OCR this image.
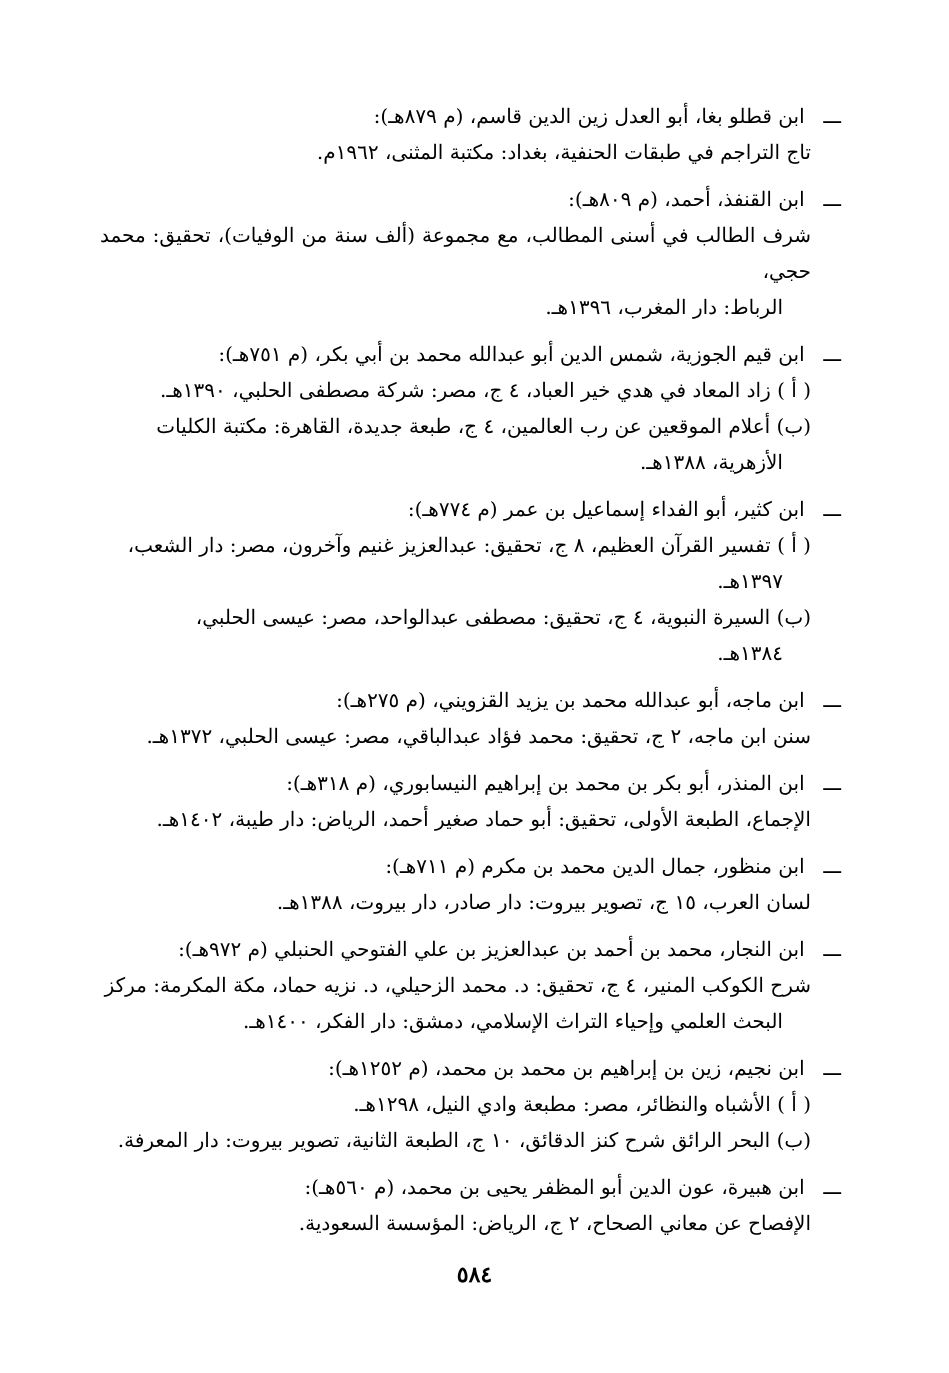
ـــ ابن قطلو بغا، أبو العدل زين الدين قاسم، (م ٨٧٩هـ):
تاج التراجم في طبقات الحنفية، بغداد: مكتبة المثنى، ١٩٦٢م.
ـــ ابن القنفذ، أحمد، (م ٨٠٩هـ):
شرف الطالب في أسنى المطالب، مع مجموعة (ألف سنة من الوفيات)، تحقيق: محمد حجي،
الرباط: دار المغرب، ١٣٩٦هـ.
ـــ ابن قيم الجوزية، شمس الدين أبو عبدالله محمد بن أبي بكر، (م ٧٥١هـ):
( أ ) زاد المعاد في هدي خير العباد، ٤ ج، مصر: شركة مصطفى الحلبي، ١٣٩٠هـ.
(ب) أعلام الموقعين عن رب العالمين، ٤ ج، طبعة جديدة، القاهرة: مكتبة الكليات
الأزهرية، ١٣٨٨هـ.
ـــ ابن كثير، أبو الفداء إسماعيل بن عمر (م ٧٧٤هـ):
( أ ) تفسير القرآن العظيم، ٨ ج، تحقيق: عبدالعزيز غنيم وآخرون، مصر: دار الشعب،
١٣٩٧هـ.
(ب) السيرة النبوية، ٤ ج، تحقيق: مصطفى عبدالواحد، مصر: عيسى الحلبي،
١٣٨٤هـ.
ـــ ابن ماجه، أبو عبدالله محمد بن يزيد القزويني، (م ٢٧٥هـ):
سنن ابن ماجه، ٢ ج، تحقيق: محمد فؤاد عبدالباقي، مصر: عيسى الحلبي، ١٣٧٢هـ.
ـــ ابن المنذر، أبو بكر بن محمد بن إبراهيم النيسابوري، (م ٣١٨هـ):
الإجماع، الطبعة الأولى، تحقيق: أبو حماد صغير أحمد، الرياض: دار طيبة، ١٤٠٢هـ.
ـــ ابن منظور، جمال الدين محمد بن مكرم (م ٧١١هـ):
لسان العرب، ١٥ ج، تصوير بيروت: دار صادر، دار بيروت، ١٣٨٨هـ.
ـــ ابن النجار، محمد بن أحمد بن عبدالعزيز بن علي الفتوحي الحنبلي (م ٩٧٢هـ):
شرح الكوكب المنير، ٤ ج، تحقيق: د. محمد الزحيلي، د. نزيه حماد، مكة المكرمة: مركز
البحث العلمي وإحياء التراث الإسلامي، دمشق: دار الفكر، ١٤٠٠هـ.
ـــ ابن نجيم، زين بن إبراهيم بن محمد بن محمد، (م ١٢٥٢هـ):
( أ ) الأشباه والنظائر، مصر: مطبعة وادي النيل، ١٢٩٨هـ.
(ب) البحر الرائق شرح كنز الدقائق، ١٠ ج، الطبعة الثانية، تصوير بيروت: دار المعرفة.
ـــ ابن هبيرة، عون الدين أبو المظفر يحيى بن محمد، (م ٥٦٠هـ):
الإفصاح عن معاني الصحاح، ٢ ج، الرياض: المؤسسة السعودية.
٥٨٤
